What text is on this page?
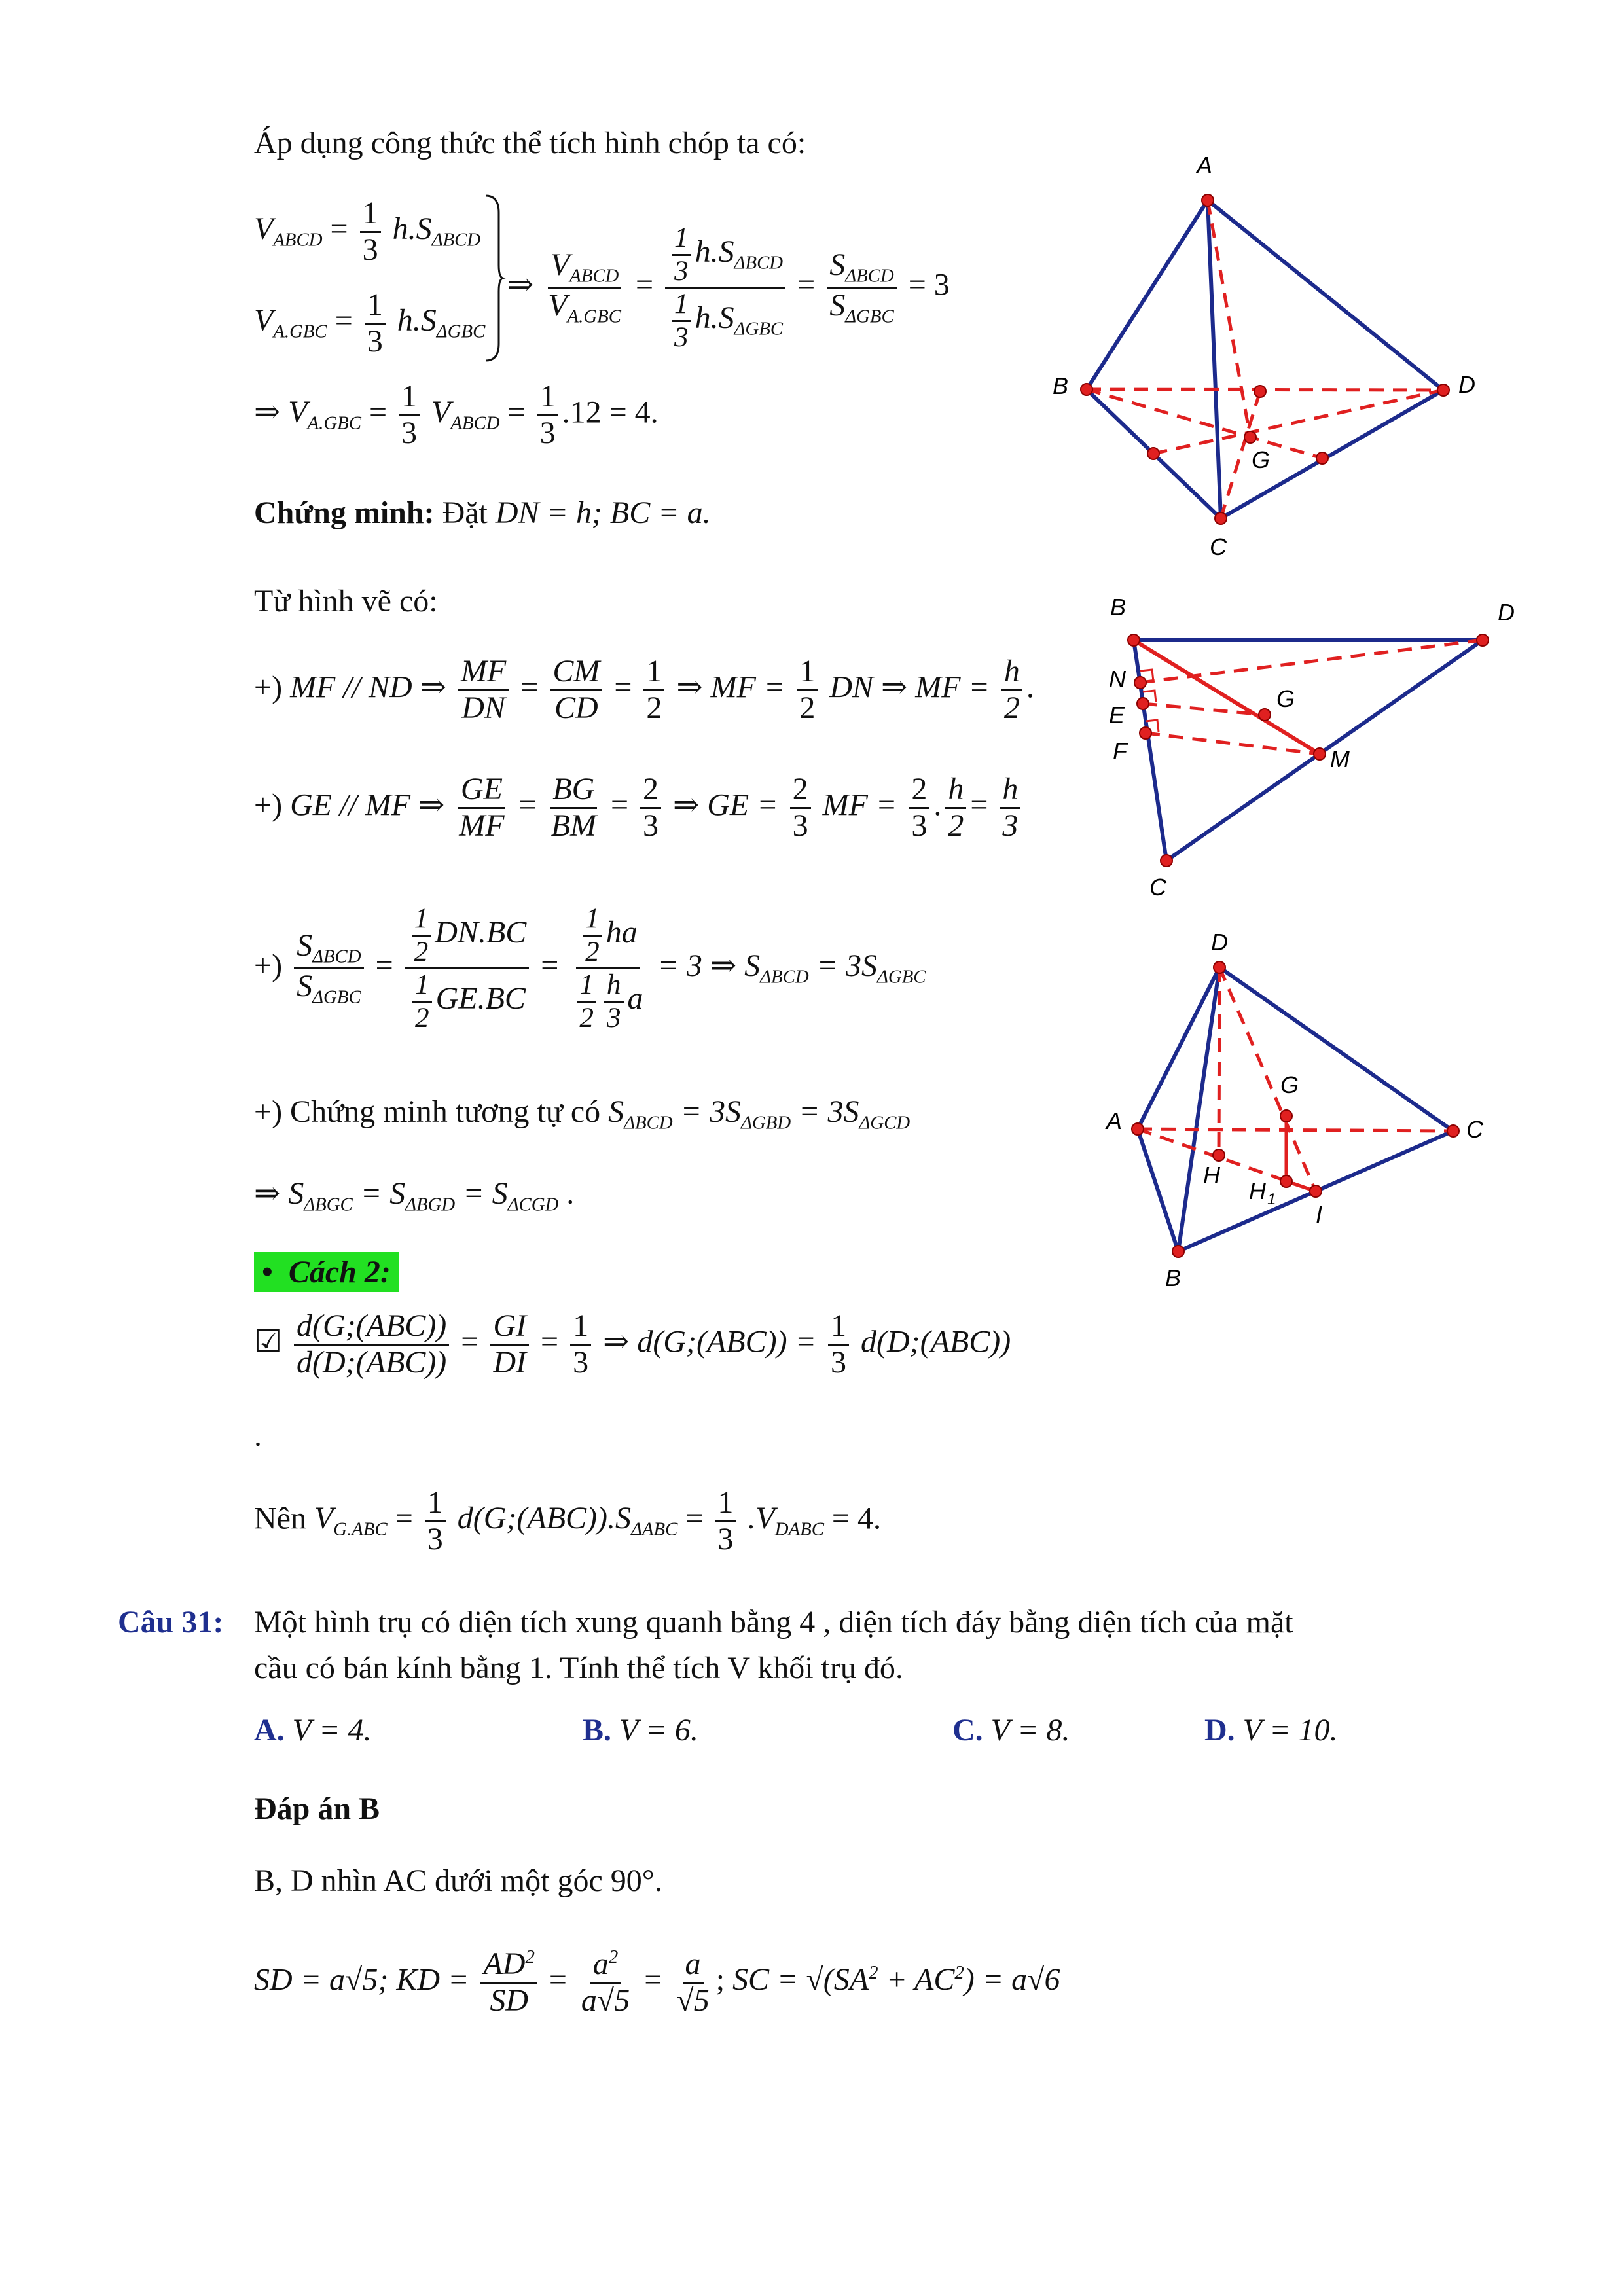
Áp dụng công thức thể tích hình chóp ta có:
$V_{ABCD} = \frac{1}{3} h.S_{\Delta BCD}$
$V_{A.GBC} = \frac{1}{3} h.S_{\Delta GBC}$
⇒ $\frac{V_{ABCD}}{V_{A.GBC}} = \frac{\frac{1}{3} h.S_{\Delta BCD}}{\frac{1}{3} h.S_{\Delta GBC}} = \frac{S_{\Delta BCD}}{S_{\Delta GBC}} = 3$
⇒ $V_{A.GBC} = \frac{1}{3} V_{ABCD} = \frac{1}{3} .12 = 4$.
Chứng minh: Đặt DN = h; BC = a.
Từ hình vẽ có:
+) MF // ND ⇒ $\frac{MF}{DN} = \frac{CM}{CD} = \frac{1}{2}$ ⇒ MF = $\frac{1}{2}$ DN ⇒ MF = $\frac{h}{2}$ .
+) GE // MF ⇒ $\frac{GE}{MF} = \frac{BG}{BM} = \frac{2}{3}$ ⇒ GE = $\frac{2}{3}$ MF = $\frac{2}{3}$ . $\frac{h}{2} = \frac{h}{3}$
+) $\frac{S_{\Delta BCD}}{S_{\Delta GBC}} = \frac{\frac{1}{2} DN.BC}{\frac{1}{2} GE.BC} = \frac{\frac{1}{2} ha}{\frac{1}{2} \frac{h}{3} a} = 3$ ⇒ $S_{\Delta BCD} = 3S_{\Delta GBC}$
+) Chứng minh tương tự có $S_{\Delta BCD} = 3S_{\Delta GBD} = 3S_{\Delta GCD}$
⇒ $S_{\Delta BGC} = S_{\Delta BGD} = S_{\Delta CGD}$ .
• Cách 2:
☑ $\frac{\text{d(G;(ABC))}}{\text{d(D;(ABC))}} = \frac{GI}{DI} = \frac{1}{3}$ ⇒ d(G;(ABC)) = $\frac{1}{3}$ d(D;(ABC))
.
Nên $V_{G.ABC} = \frac{1}{3}$ $d(G;(ABC)).S_{\Delta ABC} = \frac{1}{3} .V_{DABC} = 4$.
Câu 31: Một hình trụ có diện tích xung quanh bằng 4 , diện tích đáy bằng diện tích của mặt
cầu có bán kính bằng 1. Tính thể tích V khối trụ đó.
A. V = 4.	B. V = 6.	C. V = 8.	D. V = 10.
Đáp án B
B, D nhìn AC dưới một góc 90°.
SD = a√5; KD = $\frac{AD^2}{SD} = \frac{a^2}{a√5} = \frac{a}{√5}$ ; SC = $√(SA^2 + AC^2) = a√6$
A
B	D
C
G
B	D
N
E
F
G
M
C
D
A	C
G
H
H 1
I
B
